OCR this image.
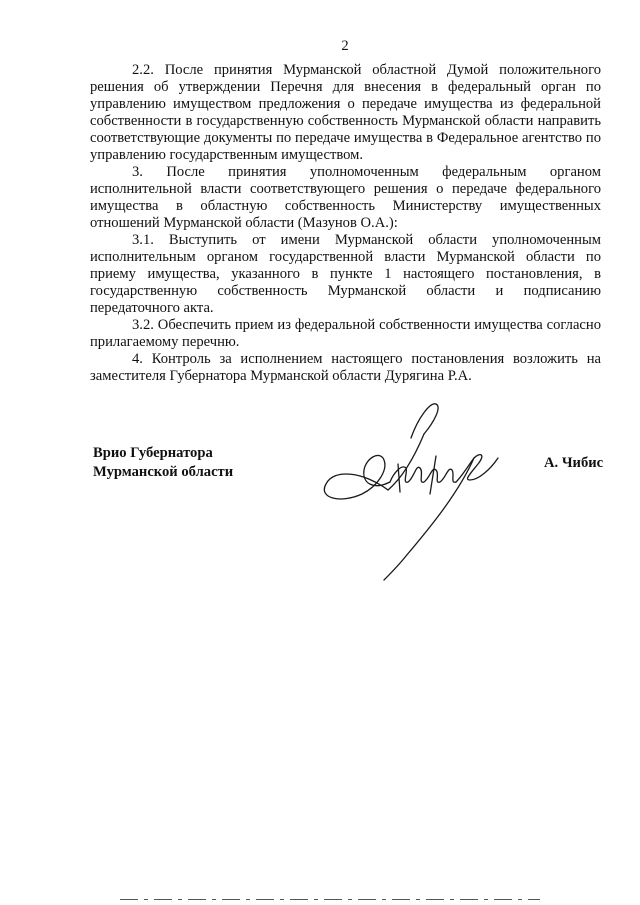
2

2.2. После принятия Мурманской областной Думой положительного решения об утверждении Перечня для внесения в федеральный орган по управлению имуществом предложения о передаче имущества из федеральной собственности в государственную собственность Мурманской области направить соответствующие документы по передаче имущества в Федеральное агентство по управлению государственным имуществом.

3. После принятия уполномоченным федеральным органом исполнительной власти соответствующего решения о передаче федерального имущества в областную собственность Министерству имущественных отношений Мурманской области (Мазунов О.А.):

3.1. Выступить от имени Мурманской области уполномоченным исполнительным органом государственной власти Мурманской области по приему имущества, указанного в пункте 1 настоящего постановления, в государственную собственность Мурманской области и подписанию передаточного акта.

3.2. Обеспечить прием из федеральной собственности имущества согласно прилагаемому перечню.

4. Контроль за исполнением настоящего постановления возложить на заместителя Губернатора Мурманской области Дурягина Р.А.

Врио Губернатора
Мурманской области
А. Чибис
